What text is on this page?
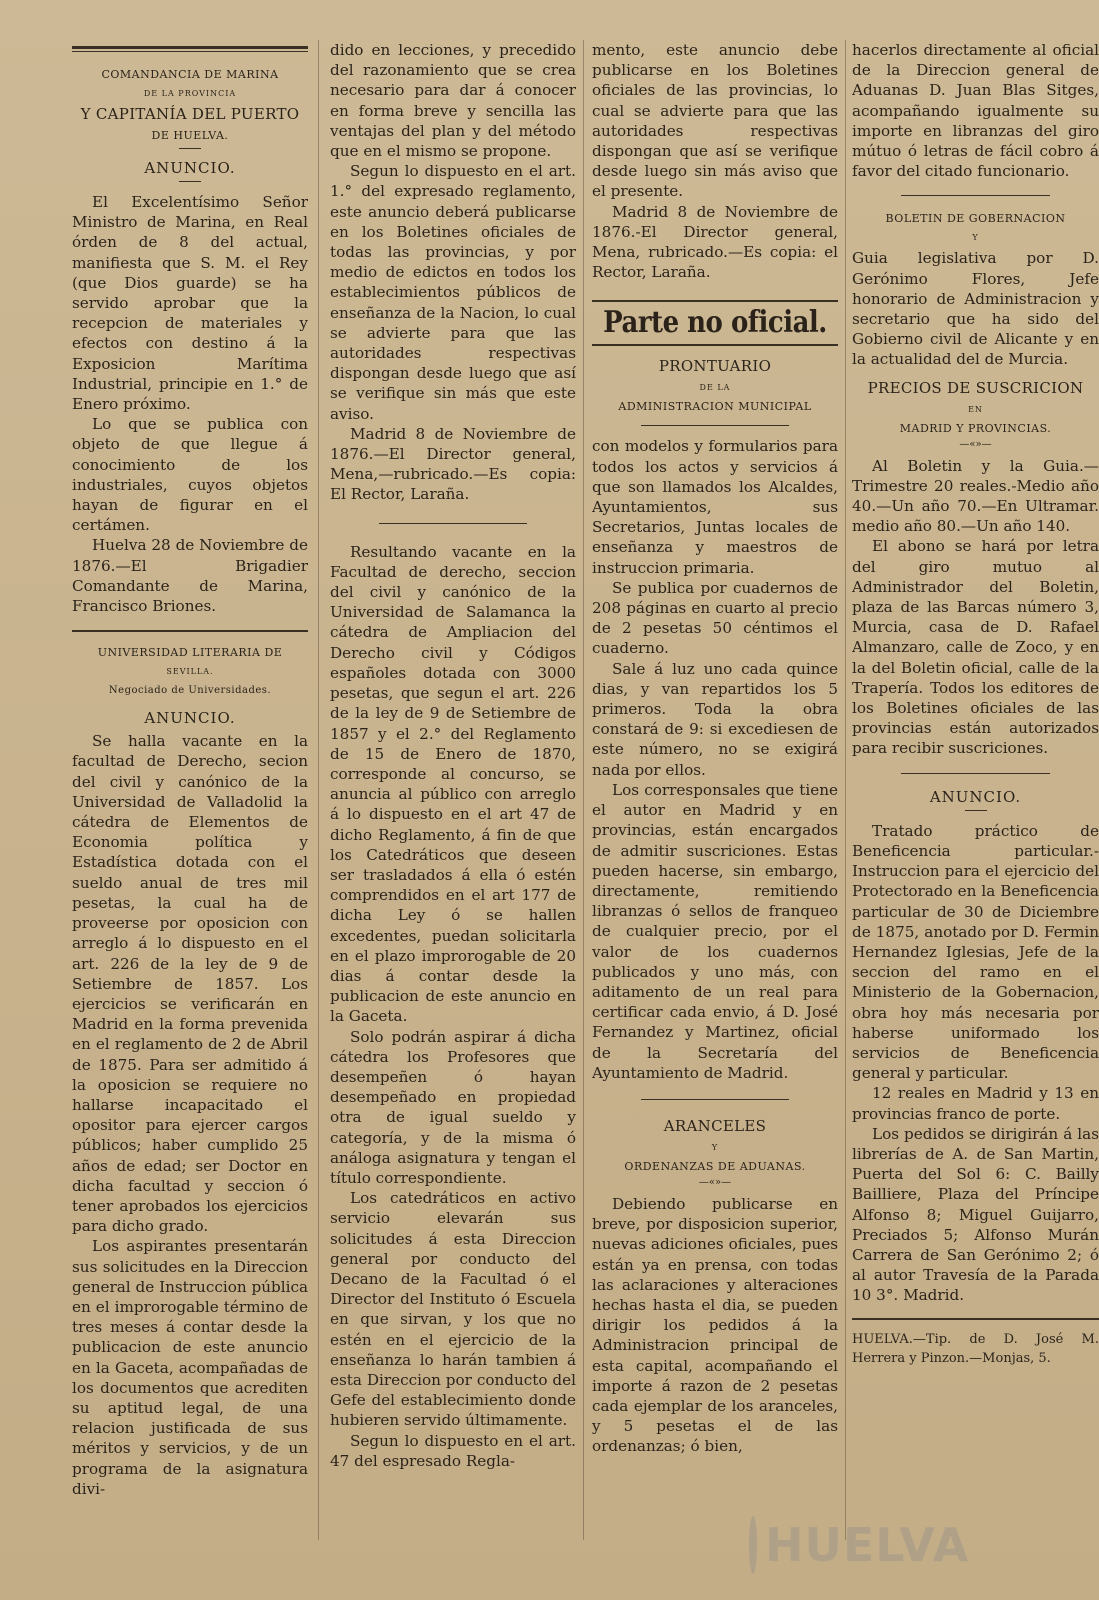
COMANDANCIA DE MARINA
DE LA PROVINCIA
Y CAPITANÍA DEL PUERTO
DE HUELVA.
ANUNCIO.

El Excelentísimo Señor Ministro de Marina, en Real órden de 8 del actual, manifiesta que S. M. el Rey (que Dios guarde) se ha servido aprobar que la recepcion de materiales y efectos con destino á la Exposicion Marítima Industrial, principie en 1.° de Enero próximo.

Lo que se publica con objeto de que llegue á conocimiento de los industriales, cuyos objetos hayan de figurar en el certámen.

Huelva 28 de Noviembre de 1876.—El Brigadier Comandante de Marina, Francisco Briones.

UNIVERSIDAD LITERARIA DE
SEVILLA.
Negociado de Universidades.
ANUNCIO.

Se halla vacante en la facultad de Derecho, secion del civil y canónico de la Universidad de Valladolid la cátedra de Elementos de Economia política y Estadística dotada con el sueldo anual de tres mil pesetas, la cual ha de proveerse por oposicion con arreglo á lo dispuesto en el art. 226 de la ley de 9 de Setiembre de 1857. Los ejercicios se verificarán en Madrid en la forma prevenida en el reglamento de 2 de Abril de 1875. Para ser admitido á la oposicion se requiere no hallarse incapacitado el opositor para ejercer cargos públicos; haber cumplido 25 años de edad; ser Doctor en dicha facultad y seccion ó tener aprobados los ejercicios para dicho grado.

Los aspirantes presentarán sus solicitudes en la Direccion general de Instruccion pública en el improrogable término de tres meses á contar desde la publicacion de este anuncio en la Gaceta, acompañadas de los documentos que acrediten su aptitud legal, de una relacion justificada de sus méritos y servicios, y de un programa de la asignatura divi-

dido en lecciones, y precedido del razonamiento que se crea necesario para dar á conocer en forma breve y sencilla las ventajas del plan y del método que en el mismo se propone.

Segun lo dispuesto en el art. 1.° del expresado reglamento, este anuncio deberá publicarse en los Boletines oficiales de todas las provincias, y por medio de edictos en todos los establecimientos públicos de enseñanza de la Nacion, lo cual se advierte para que las autoridades respectivas dispongan desde luego que así se verifique sin más que este aviso.

Madrid 8 de Noviembre de 1876.—El Director general, Mena,—rubricado.—Es copia: El Rector, Laraña.

Resultando vacante en la Facultad de derecho, seccion del civil y canónico de la Universidad de Salamanca la cátedra de Ampliacion del Derecho civil y Códigos españoles dotada con 3000 pesetas, que segun el art. 226 de la ley de 9 de Setiembre de 1857 y el 2.° del Reglamento de 15 de Enero de 1870, corresponde al concurso, se anuncia al público con arreglo á lo dispuesto en el art 47 de dicho Reglamento, á fin de que los Catedráticos que deseen ser trasladados á ella ó estén comprendidos en el art 177 de dicha Ley ó se hallen excedentes, puedan solicitarla en el plazo improrogable de 20 dias á contar desde la publicacion de este anuncio en la Gaceta.

Solo podrán aspirar á dicha cátedra los Profesores que desempeñen ó hayan desempeñado en propiedad otra de igual sueldo y categoría, y de la misma ó análoga asignatura y tengan el título correspondiente.

Los catedráticos en activo servicio elevarán sus solicitudes á esta Direccion general por conducto del Decano de la Facultad ó el Director del Instituto ó Escuela en que sirvan, y los que no estén en el ejercicio de la enseñanza lo harán tambien á esta Direccion por conducto del Gefe del establecimiento donde hubieren servido últimamente.

Segun lo dispuesto en el art. 47 del espresado Regla-

mento, este anuncio debe publicarse en los Boletines oficiales de las provincias, lo cual se advierte para que las autoridades respectivas dispongan que así se verifique desde luego sin más aviso que el presente.

Madrid 8 de Noviembre de 1876.-El Director general, Mena, rubricado.—Es copia: el Rector, Laraña.

Parte no oficial.
PRONTUARIO
DE LA
ADMINISTRACION MUNICIPAL

con modelos y formularios para todos los actos y servicios á que son llamados los Alcaldes, Ayuntamientos, sus Secretarios, Juntas locales de enseñanza y maestros de instruccion primaria.

Se publica por cuadernos de 208 páginas en cuarto al precio de 2 pesetas 50 céntimos el cuaderno.

Sale á luz uno cada quince dias, y van repartidos los 5 primeros. Toda la obra constará de 9: si excediesen de este número, no se exigirá nada por ellos.

Los corresponsales que tiene el autor en Madrid y en provincias, están encargados de admitir suscriciones. Estas pueden hacerse, sin embargo, directamente, remitiendo libranzas ó sellos de franqueo de cualquier precio, por el valor de los cuadernos publicados y uno más, con aditamento de un real para certificar cada envio, á D. José Fernandez y Martinez, oficial de la Secretaría del Ayuntamiento de Madrid.

ARANCELES
Y
ORDENANZAS DE ADUANAS.
—«»—

Debiendo publicarse en breve, por disposicion superior, nuevas adiciones oficiales, pues están ya en prensa, con todas las aclaraciones y alteraciones hechas hasta el dia, se pueden dirigir los pedidos á la Administracion principal de esta capital, acompañando el importe á razon de 2 pesetas cada ejemplar de los aranceles, y 5 pesetas el de las ordenanzas; ó bien,

hacerlos directamente al oficial de la Direccion general de Aduanas D. Juan Blas Sitges, acompañando igualmente su importe en libranzas del giro mútuo ó letras de fácil cobro á favor del citado funcionario.

BOLETIN DE GOBERNACION
Y

Guia legislativa por D. Gerónimo Flores, Jefe honorario de Administracion y secretario que ha sido del Gobierno civil de Alicante y en la actualidad del de Murcia.

PRECIOS DE SUSCRICION
EN
MADRID Y PROVINCIAS.
—«»—

Al Boletin y la Guia.—Trimestre 20 reales.-Medio año 40.—Un año 70.—En Ultramar. medio año 80.—Un año 140.

El abono se hará por letra del giro mutuo al Administrador del Boletin, plaza de las Barcas número 3, Murcia, casa de D. Rafael Almanzaro, calle de Zoco, y en la del Boletin oficial, calle de la Trapería. Todos los editores de los Boletines oficiales de las provincias están autorizados para recibir suscriciones.

ANUNCIO.

Tratado práctico de Beneficencia particular.-Instruccion para el ejercicio del Protectorado en la Beneficencia particular de 30 de Diciembre de 1875, anotado por D. Fermin Hernandez Iglesias, Jefe de la seccion del ramo en el Ministerio de la Gobernacion, obra hoy más necesaria por haberse uniformado los servicios de Beneficencia general y particular.

12 reales en Madrid y 13 en provincias franco de porte.

Los pedidos se dirigirán á las librerías de A. de San Martin, Puerta del Sol 6: C. Bailly Bailliere, Plaza del Príncipe Alfonso 8; Miguel Guijarro, Preciados 5; Alfonso Murán Carrera de San Gerónimo 2; ó al autor Travesía de la Parada 10 3°. Madrid.

HUELVA.—Tip. de D. José M. Herrera y Pinzon.—Monjas, 5.
HUELVA
